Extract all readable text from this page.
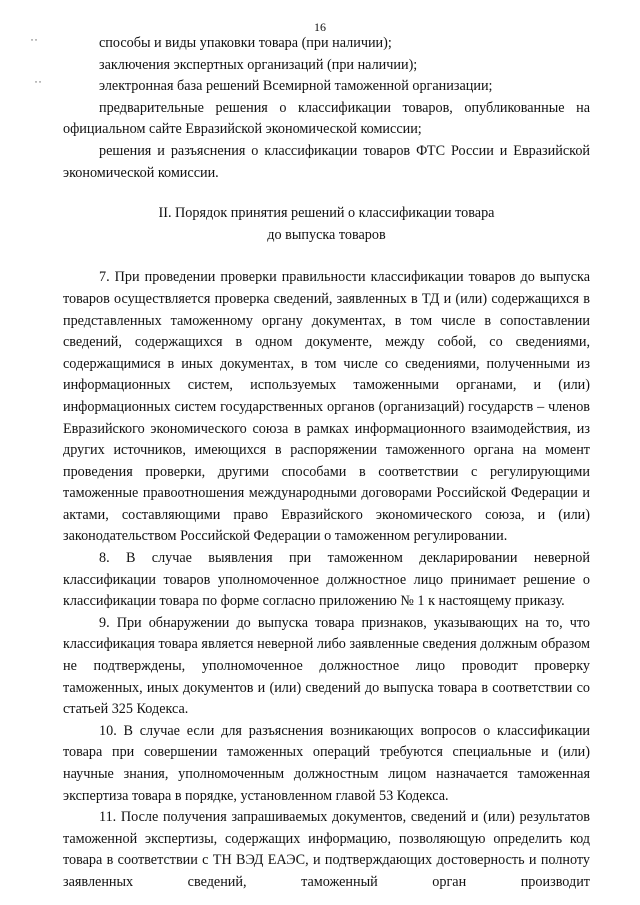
16
˙˙
˙˙

способы и виды упаковки товара (при наличии);

заключения экспертных организаций (при наличии);

электронная база решений Всемирной таможенной организации;

предварительные решения о классификации товаров, опубликованные на официальном сайте Евразийской экономической комиссии;

решения и разъяснения о классификации товаров ФТС России и Евразийской экономической комиссии.

II. Порядок принятия решений о классификации товара
до выпуска товаров

7. При проведении проверки правильности классификации товаров до выпуска товаров осуществляется проверка сведений, заявленных в ТД и (или) содержащихся в представленных таможенному органу документах, в том числе в сопоставлении сведений, содержащихся в одном документе, между собой, со сведениями, содержащимися в иных документах, в том числе со сведениями, полученными из информационных систем, используемых таможенными органами, и (или) информационных систем государственных органов (организаций) государств – членов Евразийского экономического союза в рамках информационного взаимодействия, из других источников, имеющихся в распоряжении таможенного органа на момент проведения проверки, другими способами в соответствии с регулирующими таможенные правоотношения международными договорами Российской Федерации и актами, составляющими право Евразийского экономического союза, и (или) законодательством Российской Федерации о таможенном регулировании.

8. В случае выявления при таможенном декларировании неверной классификации товаров уполномоченное должностное лицо принимает решение о классификации товара по форме согласно приложению № 1 к настоящему приказу.

9. При обнаружении до выпуска товара признаков, указывающих на то, что классификация товара является неверной либо заявленные сведения должным образом не подтверждены, уполномоченное должностное лицо проводит проверку таможенных, иных документов и (или) сведений до выпуска товара в соответствии со статьей 325 Кодекса.

10. В случае если для разъяснения возникающих вопросов о классификации товара при совершении таможенных операций требуются специальные и (или) научные знания, уполномоченным должностным лицом назначается таможенная экспертиза товара в порядке, установленном главой 53 Кодекса.

11. После получения запрашиваемых документов, сведений и (или) результатов таможенной экспертизы, содержащих информацию, позволяющую определить код товара в соответствии с ТН ВЭД ЕАЭС, и подтверждающих достоверность и полноту заявленных сведений, таможенный орган производит
